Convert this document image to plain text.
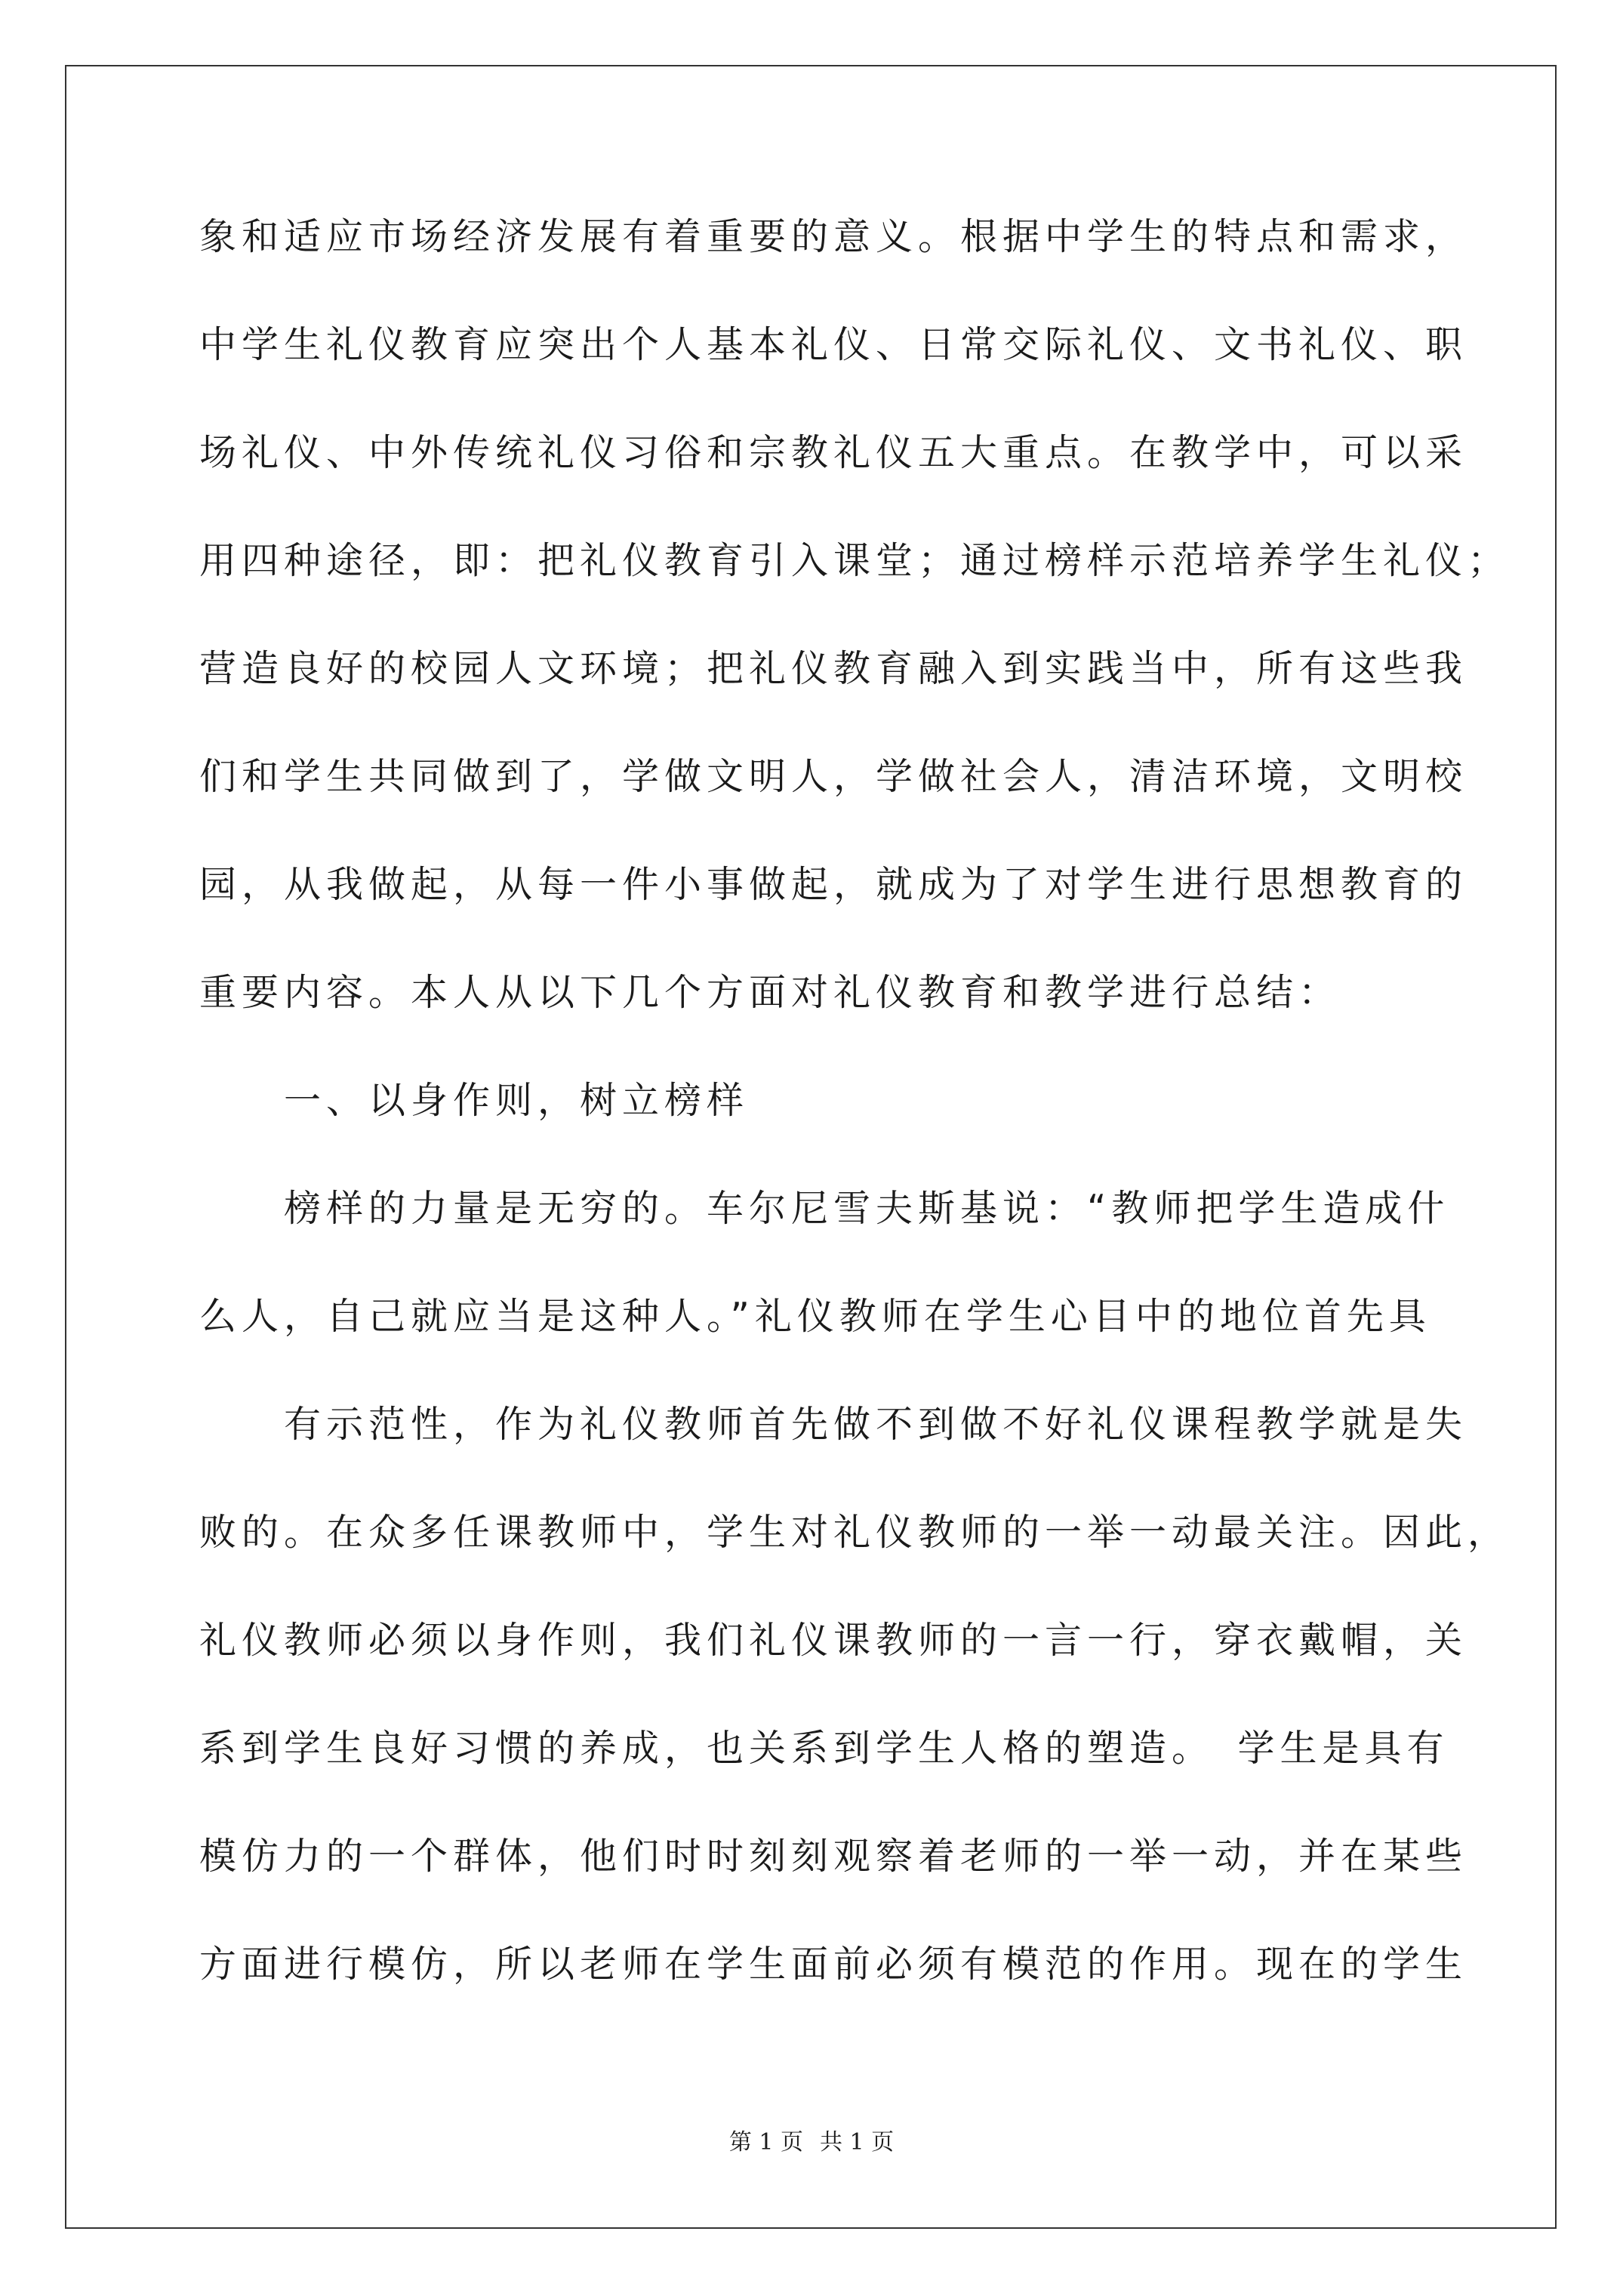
象和适应市场经济发展有着重要的意义。根据中学生的特点和需求，
中学生礼仪教育应突出个人基本礼仪、日常交际礼仪、文书礼仪、职
场礼仪、中外传统礼仪习俗和宗教礼仪五大重点。在教学中，可以采
用四种途径，即：把礼仪教育引入课堂；通过榜样示范培养学生礼仪；
营造良好的校园人文环境；把礼仪教育融入到实践当中，所有这些我
们和学生共同做到了，学做文明人，学做社会人，清洁环境，文明校
园，从我做起，从每一件小事做起，就成为了对学生进行思想教育的
重要内容。本人从以下几个方面对礼仪教育和教学进行总结：
一、以身作则，树立榜样
榜样的力量是无穷的。车尔尼雪夫斯基说：“教师把学生造成什
么人，自己就应当是这种人。”礼仪教师在学生心目中的地位首先具
有示范性，作为礼仪教师首先做不到做不好礼仪课程教学就是失
败的。在众多任课教师中，学生对礼仪教师的一举一动最关注。因此，
礼仪教师必须以身作则，我们礼仪课教师的一言一行，穿衣戴帽，关
系到学生良好习惯的养成，也关系到学生人格的塑造。　学生是具有
模仿力的一个群体，他们时时刻刻观察着老师的一举一动，并在某些
方面进行模仿，所以老师在学生面前必须有模范的作用。现在的学生
第 1 页 共 1 页
